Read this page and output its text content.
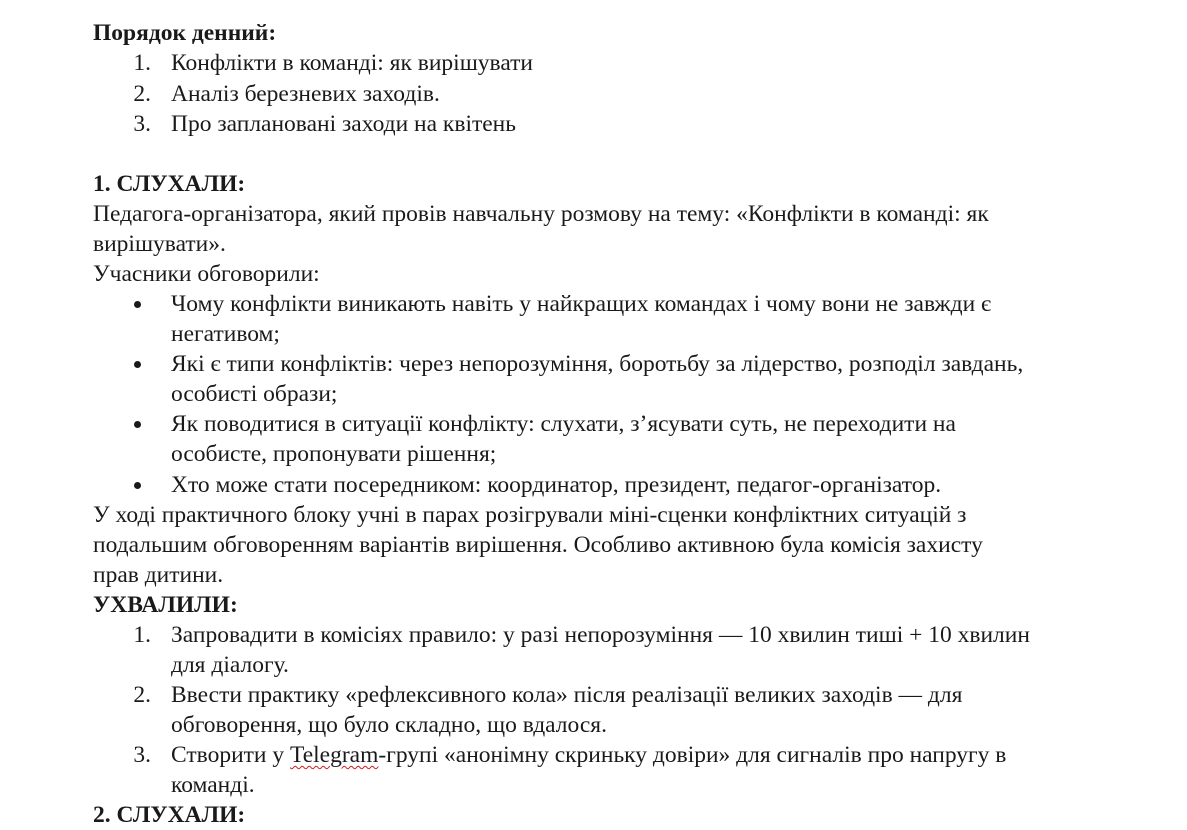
Порядок денний:
1. Конфлікти в команді: як вирішувати
2. Аналіз березневих заходів.
3. Про заплановані заходи на квітень
1. СЛУХАЛИ:
Педагога-організатора, який провів навчальну розмову на тему: «Конфлікти в команді: як
вирішувати».
Учасники обговорили:
Чому конфлікти виникають навіть у найкращих командах і чому вони не завжди є
негативом;
Які є типи конфліктів: через непорозуміння, боротьбу за лідерство, розподіл завдань,
особисті образи;
Як поводитися в ситуації конфлікту: слухати, з’ясувати суть, не переходити на
особисте, пропонувати рішення;
Хто може стати посередником: координатор, президент, педагог-організатор.
У ході практичного блоку учні в парах розігрували міні-сценки конфліктних ситуацій з
подальшим обговоренням варіантів вирішення. Особливо активною була комісія захисту
прав дитини.
УХВАЛИЛИ:
1. Запровадити в комісіях правило: у разі непорозуміння — 10 хвилин тиші + 10 хвилин
для діалогу.
2. Ввести практику «рефлексивного кола» після реалізації великих заходів — для
обговорення, що було складно, що вдалося.
3. Створити у Telegram-групі «анонімну скриньку довіри» для сигналів про напругу в
команді.
2. СЛУХАЛИ:
